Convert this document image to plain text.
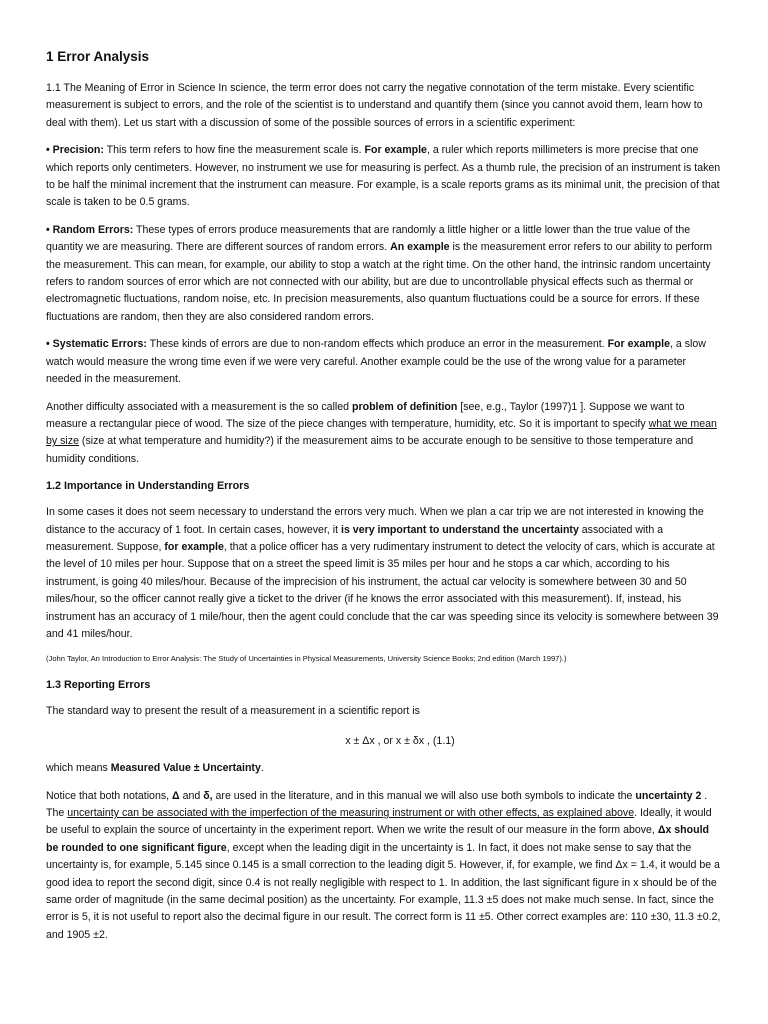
1 Error Analysis

1.1 The Meaning of Error in Science In science, the term error does not carry the negative connotation of the term mistake. Every scientific measurement is subject to errors, and the role of the scientist is to understand and quantify them (since you cannot avoid them, learn how to deal with them). Let us start with a discussion of some of the possible sources of errors in a scientific experiment:

• Precision: This term refers to how fine the measurement scale is. For example, a ruler which reports millimeters is more precise that one which reports only centimeters. However, no instrument we use for measuring is perfect. As a thumb rule, the precision of an instrument is taken to be half the minimal increment that the instrument can measure. For example, is a scale reports grams as its minimal unit, the precision of that scale is taken to be 0.5 grams.

• Random Errors: These types of errors produce measurements that are randomly a little higher or a little lower than the true value of the quantity we are measuring. There are different sources of random errors. An example is the measurement error refers to our ability to perform the measurement. This can mean, for example, our ability to stop a watch at the right time. On the other hand, the intrinsic random uncertainty refers to random sources of error which are not connected with our ability, but are due to uncontrollable physical effects such as thermal or electromagnetic fluctuations, random noise, etc. In precision measurements, also quantum fluctuations could be a source for errors. If these fluctuations are random, then they are also considered random errors.

• Systematic Errors: These kinds of errors are due to non-random effects which produce an error in the measurement. For example, a slow watch would measure the wrong time even if we were very careful. Another example could be the use of the wrong value for a parameter needed in the measurement.

Another difficulty associated with a measurement is the so called problem of definition [see, e.g., Taylor (1997)1 ]. Suppose we want to measure a rectangular piece of wood. The size of the piece changes with temperature, humidity, etc. So it is important to specify what we mean by size (size at what temperature and humidity?) if the measurement aims to be accurate enough to be sensitive to those temperature and humidity conditions.

1.2 Importance in Understanding Errors

In some cases it does not seem necessary to understand the errors very much. When we plan a car trip we are not interested in knowing the distance to the accuracy of 1 foot. In certain cases, however, it is very important to understand the uncertainty associated with a measurement. Suppose, for example, that a police officer has a very rudimentary instrument to detect the velocity of cars, which is accurate at the level of 10 miles per hour. Suppose that on a street the speed limit is 35 miles per hour and he stops a car which, according to his instrument, is going 40 miles/hour. Because of the imprecision of his instrument, the actual car velocity is somewhere between 30 and 50 miles/hour, so the officer cannot really give a ticket to the driver (if he knows the error associated with this measurement). If, instead, his instrument has an accuracy of 1 mile/hour, then the agent could conclude that the car was speeding since its velocity is somewhere between 39 and 41 miles/hour.

(John Taylor, An Introduction to Error Analysis: The Study of Uncertainties in Physical Measurements, University Science Books; 2nd edition (March 1997).)

1.3 Reporting Errors

The standard way to present the result of a measurement in a scientific report is

x ± Δx , or x ± δx , (1.1)

which means Measured Value ± Uncertainty.

Notice that both notations, Δ and δ, are used in the literature, and in this manual we will also use both symbols to indicate the uncertainty 2 . The uncertainty can be associated with the imperfection of the measuring instrument or with other effects, as explained above. Ideally, it would be useful to explain the source of uncertainty in the experiment report. When we write the result of our measure in the form above, Δx should be rounded to one significant figure, except when the leading digit in the uncertainty is 1. In fact, it does not make sense to say that the uncertainty is, for example, 5.145 since 0.145 is a small correction to the leading digit 5. However, if, for example, we find Δx = 1.4, it would be a good idea to report the second digit, since 0.4 is not really negligible with respect to 1. In addition, the last significant figure in x should be of the same order of magnitude (in the same decimal position) as the uncertainty. For example, 11.3 ±5 does not make much sense. In fact, since the error is 5, it is not useful to report also the decimal figure in our result. The correct form is 11 ±5. Other correct examples are: 110 ±30, 11.3 ±0.2, and 1905 ±2.
